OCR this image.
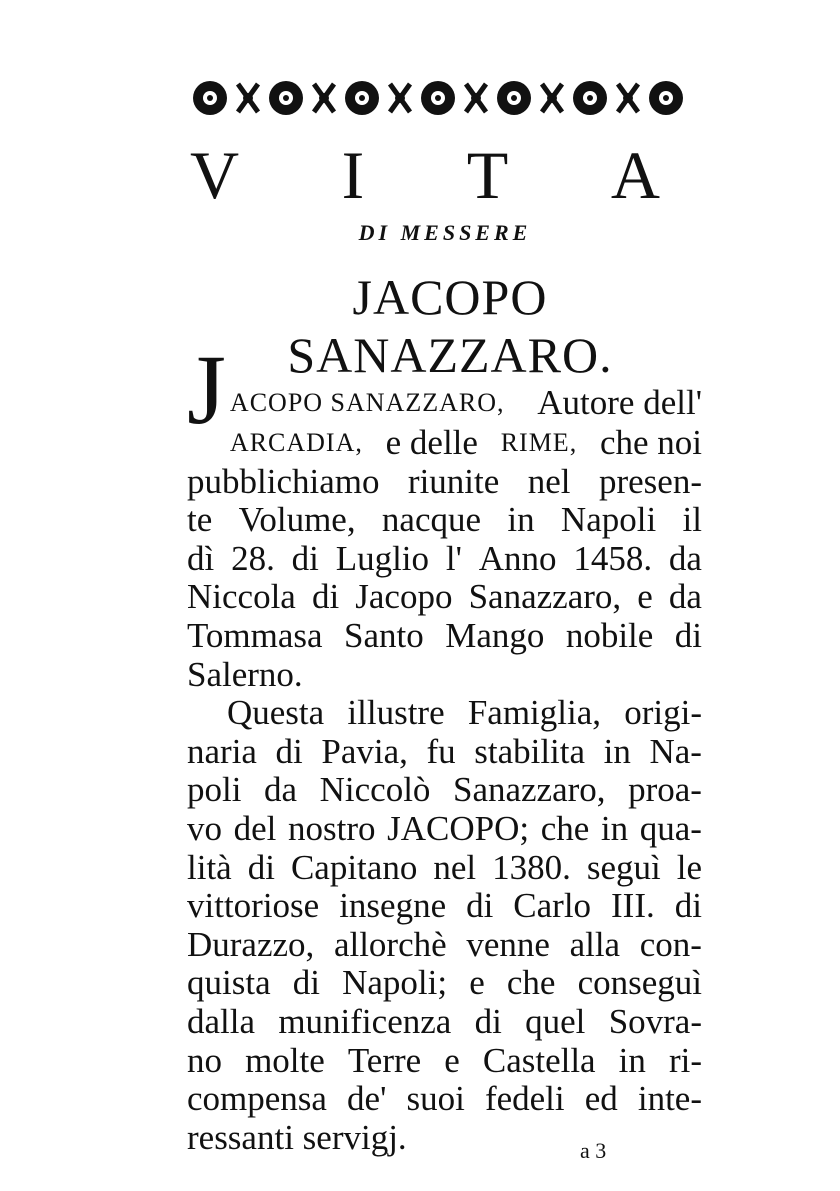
V I T A
DI MESSERE
JACOPO SANAZZARO.
J ACOPO SANAZZARO, Autore dell'
ARCADIA, e delle RIME, che noi
pubblichiamo riunite nel presen-
te Volume, nacque in Napoli il
dì 28. di Luglio l' Anno 1458. da
Niccola di Jacopo Sanazzaro, e da
Tommasa Santo Mango nobile di
Salerno.
Questa illustre Famiglia, origi-
naria di Pavia, fu stabilita in Na-
poli da Niccolò Sanazzaro, proa-
vo del nostro JACOPO; che in qua-
lità di Capitano nel 1380. seguì le
vittoriose insegne di Carlo III. di
Durazzo, allorchè venne alla con-
quista di Napoli; e che conseguì
dalla munificenza di quel Sovra-
no molte Terre e Castella in ri-
compensa de' suoi fedeli ed inte-
ressanti servigj.	a 3
